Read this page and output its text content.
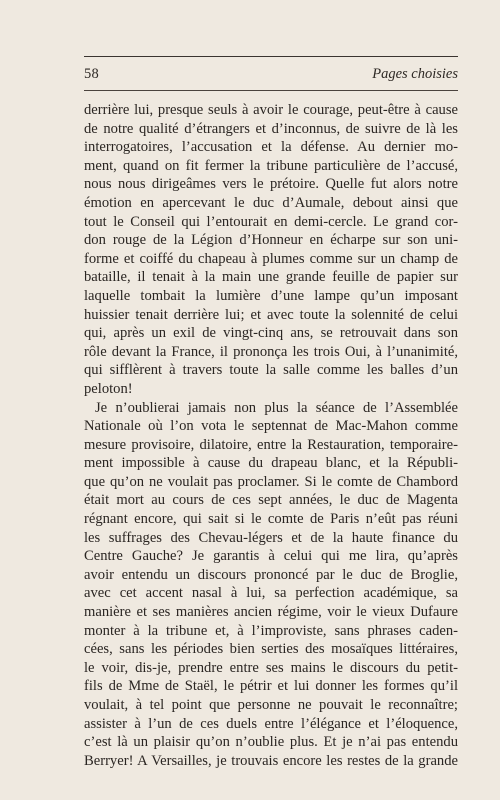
58	Pages choisies
derrière lui, presque seuls à avoir le courage, peut-être à cause
de notre qualité d’étrangers et d’inconnus, de suivre de là les
interrogatoires, l’accusation et la défense. Au dernier mo-
ment, quand on fit fermer la tribune particulière de l’accusé,
nous nous dirigeâmes vers le prétoire. Quelle fut alors notre
émotion en apercevant le duc d’Aumale, debout ainsi que
tout le Conseil qui l’entourait en demi-cercle. Le grand cor-
don rouge de la Légion d’Honneur en écharpe sur son uni-
forme et coiffé du chapeau à plumes comme sur un champ de
bataille, il tenait à la main une grande feuille de papier sur
laquelle tombait la lumière d’une lampe qu’un imposant
huissier tenait derrière lui; et avec toute la solennité de celui
qui, après un exil de vingt-cinq ans, se retrouvait dans son
rôle devant la France, il prononça les trois Oui, à l’unanimité,
qui sifflèrent à travers toute la salle comme les balles d’un
peloton!
Je n’oublierai jamais non plus la séance de l’Assemblée
Nationale où l’on vota le septennat de Mac-Mahon comme
mesure provisoire, dilatoire, entre la Restauration, temporaire-
ment impossible à cause du drapeau blanc, et la Républi-
que qu’on ne voulait pas proclamer. Si le comte de Chambord
était mort au cours de ces sept années, le duc de Magenta
régnant encore, qui sait si le comte de Paris n’eût pas réuni
les suffrages des Chevau-légers et de la haute finance du
Centre Gauche? Je garantis à celui qui me lira, qu’après
avoir entendu un discours prononcé par le duc de Broglie,
avec cet accent nasal à lui, sa perfection académique, sa
manière et ses manières ancien régime, voir le vieux Dufaure
monter à la tribune et, à l’improviste, sans phrases caden-
cées, sans les périodes bien serties des mosaïques littéraires,
le voir, dis-je, prendre entre ses mains le discours du petit-
fils de Mme de Staël, le pétrir et lui donner les formes qu’il
voulait, à tel point que personne ne pouvait le reconnaître;
assister à l’un de ces duels entre l’élégance et l’éloquence,
c’est là un plaisir qu’on n’oublie plus. Et je n’ai pas entendu
Berryer! A Versailles, je trouvais encore les restes de la grande
